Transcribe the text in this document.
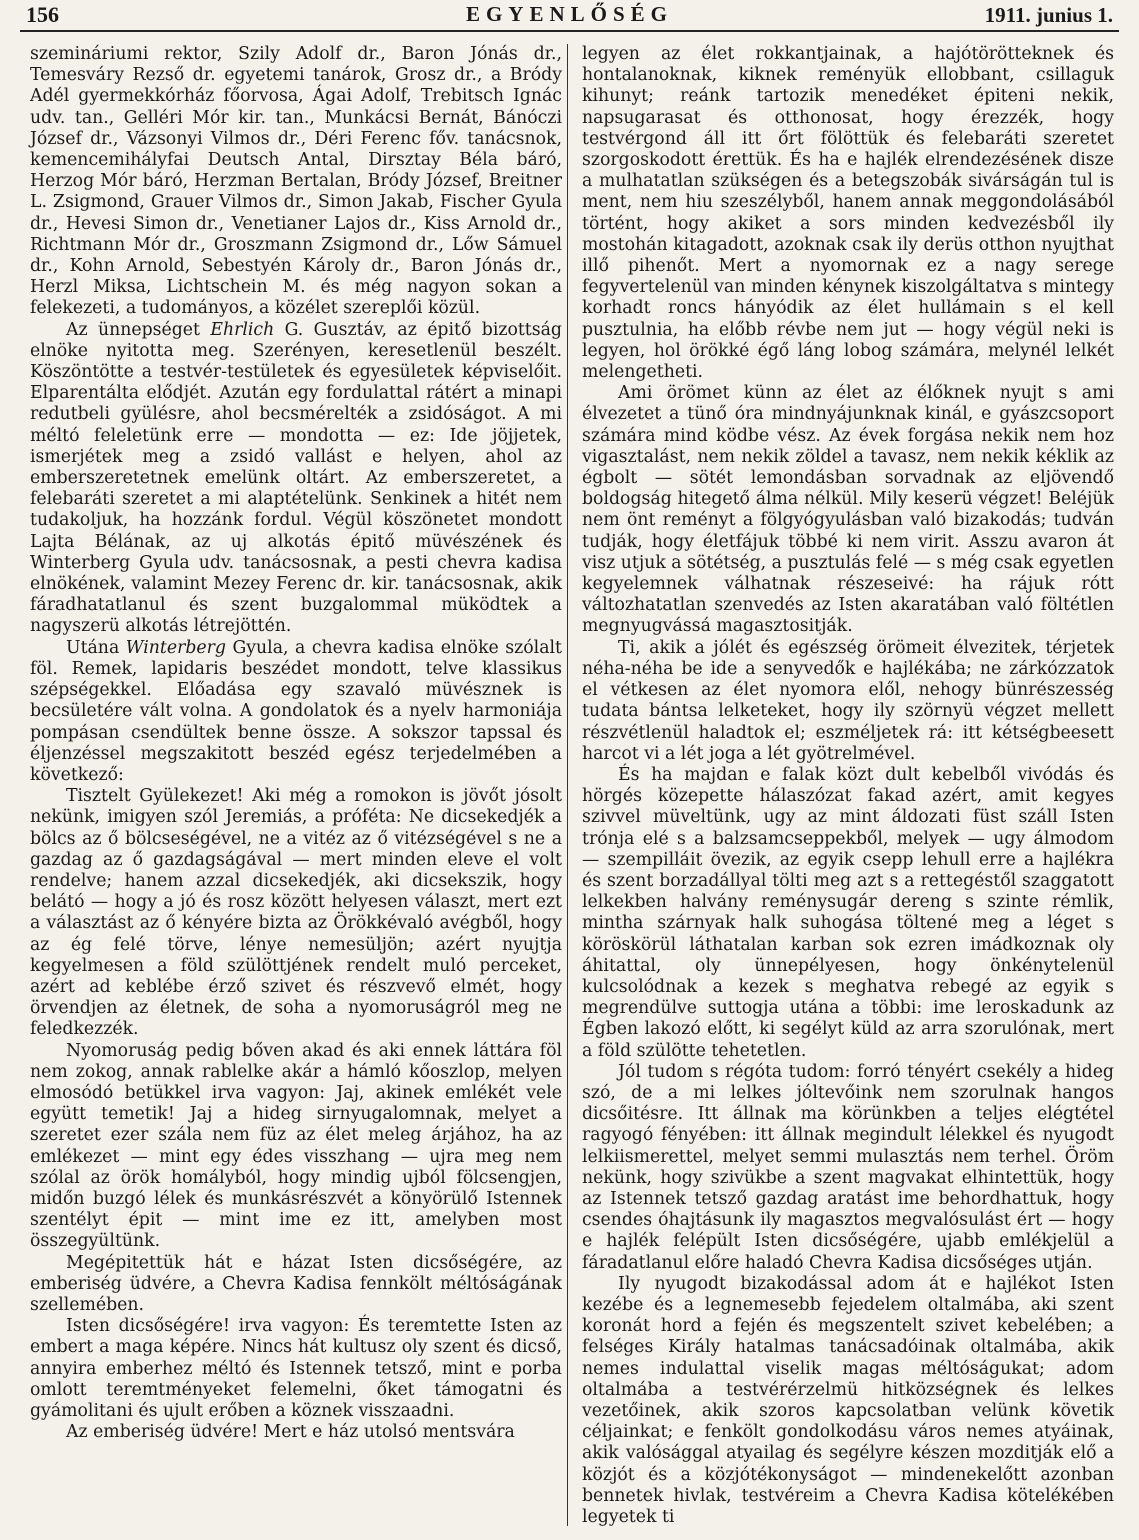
156	EGYENLŐSÉG	1911. junius 1.

szemináriumi rektor, Szily Adolf dr., Baron Jónás dr., Temesváry Rezső dr. egyetemi tanárok, Grosz dr., a Bródy Adél gyermekkórház főorvosa, Ágai Adolf, Trebitsch Ignác udv. tan., Gelléri Mór kir. tan., Munkácsi Bernát, Bánóczi József dr., Vázsonyi Vilmos dr., Déri Ferenc főv. tanácsnok, kemencemihályfai Deutsch Antal, Dirsztay Béla báró, Herzog Mór báró, Herzman Bertalan, Bródy József, Breitner L. Zsigmond, Grauer Vilmos dr., Simon Jakab, Fischer Gyula dr., Hevesi Simon dr., Venetianer Lajos dr., Kiss Arnold dr., Richtmann Mór dr., Groszmann Zsigmond dr., Lőw Sámuel dr., Kohn Arnold, Sebestyén Károly dr., Baron Jónás dr., Herzl Miksa, Lichtschein M. és még nagyon sokan a felekezeti, a tudományos, a közélet szereplői közül.

Az ünnepséget Ehrlich G. Gusztáv, az épitő bizottság elnöke nyitotta meg. Szerényen, keresetlenül beszélt. Köszöntötte a testvér-testületek és egyesületek képviselőit. Elparentálta elődjét. Azután egy fordulattal rátért a minapi redutbeli gyülésre, ahol becsmérelték a zsidóságot. A mi méltó feleletünk erre — mondotta — ez: Ide jöjjetek, ismerjétek meg a zsidó vallást e helyen, ahol az emberszeretetnek emelünk oltárt. Az emberszeretet, a felebaráti szeretet a mi alaptételünk. Senkinek a hitét nem tudakoljuk, ha hozzánk fordul. Végül köszönetet mondott Lajta Bélának, az uj alkotás épitő müvészének és Winterberg Gyula udv. tanácsosnak, a pesti chevra kadisa elnökének, valamint Mezey Ferenc dr. kir. tanácsosnak, akik fáradhatatlanul és szent buzgalommal müködtek a nagyszerü alkotás létrejöttén.

Utána Winterberg Gyula, a chevra kadisa elnöke szólalt föl. Remek, lapidaris beszédet mondott, telve klassikus szépségekkel. Előadása egy szavaló müvésznek is becsületére vált volna. A gondolatok és a nyelv harmoniája pompásan csendültek benne össze. A sokszor tapssal és éljenzéssel megszakitott beszéd egész terjedelmében a következő:

Tisztelt Gyülekezet! Aki még a romokon is jövőt jósolt nekünk, imigyen szól Jeremiás, a próféta: Ne dicsekedjék a bölcs az ő bölcseségével, ne a vitéz az ő vitézségével s ne a gazdag az ő gazdagságával — mert minden eleve el volt rendelve; hanem azzal dicsekedjék, aki dicsekszik, hogy belátó — hogy a jó és rosz között helyesen választ, mert ezt a választást az ő kényére bizta az Örökkévaló avégből, hogy az ég felé törve, lénye nemesüljön; azért nyujtja kegyelmesen a föld szülöttjének rendelt muló perceket, azért ad keblébe érző szivet és részvevő elmét, hogy örvendjen az életnek, de soha a nyomoruságról meg ne feledkezzék.

Nyomoruság pedig bőven akad és aki ennek láttára föl nem zokog, annak rablelke akár a hámló kőoszlop, melyen elmosódó betükkel irva vagyon: Jaj, akinek emlékét vele együtt temetik! Jaj a hideg sirnyugalomnak, melyet a szeretet ezer szála nem füz az élet meleg árjához, ha az emlékezet — mint egy édes visszhang — ujra meg nem szólal az örök homályból, hogy mindig ujból fölcsengjen, midőn buzgó lélek és munkásrészvét a könyörülő Istennek szentélyt épit — mint ime ez itt, amelyben most összegyültünk.

Megépitettük hát e házat Isten dicsőségére, az emberiség üdvére, a Chevra Kadisa fennkölt méltóságának szellemében.

Isten dicsőségére! irva vagyon: És teremtette Isten az embert a maga képére. Nincs hát kultusz oly szent és dicső, annyira emberhez méltó és Istennek tetsző, mint e porba omlott teremtményeket felemelni, őket támogatni és gyámolitani és ujult erőben a köznek visszaadni.

Az emberiség üdvére! Mert e ház utolsó mentsvára

legyen az élet rokkantjainak, a hajótörötteknek és hontalanoknak, kiknek reményük ellobbant, csillaguk kihunyt; reánk tartozik menedéket épiteni nekik, napsugarasat és otthonosat, hogy érezzék, hogy testvérgond áll itt őrt fölöttük és felebaráti szeretet szorgoskodott érettük. És ha e hajlék elrendezésének disze a mulhatatlan szükségen és a betegszobák sivárságán tul is ment, nem hiu szeszélyből, hanem annak meggondolásából történt, hogy akiket a sors minden kedvezésből ily mostohán kitagadott, azoknak csak ily derüs otthon nyujthat illő pihenőt. Mert a nyomornak ez a nagy serege fegyvertelenül van minden kénynek kiszolgáltatva s mintegy korhadt roncs hányódik az élet hullámain s el kell pusztulnia, ha előbb révbe nem jut — hogy végül neki is legyen, hol örökké égő láng lobog számára, melynél lelkét melengetheti.

Ami örömet künn az élet az élőknek nyujt s ami élvezetet a tünő óra mindnyájunknak kinál, e gyászcsoport számára mind ködbe vész. Az évek forgása nekik nem hoz vigasztalást, nem nekik zöldel a tavasz, nem nekik kéklik az égbolt — sötét lemondásban sorvadnak az eljövendő boldogság hitegető álma nélkül. Mily keserü végzet! Beléjük nem önt reményt a fölgyógyulásban való bizakodás; tudván tudják, hogy életfájuk többé ki nem virit. Asszu avaron át visz utjuk a sötétség, a pusztulás felé — s még csak egyetlen kegyelemnek válhatnak részeseivé: ha rájuk rótt változhatatlan szenvedés az Isten akaratában való föltétlen megnyugvássá magasztositják.

Ti, akik a jólét és egészség örömeit élvezitek, térjetek néha-néha be ide a senyvedők e hajlékába; ne zárkózzatok el vétkesen az élet nyomora elől, nehogy bünrészesség tudata bántsa lelketeket, hogy ily szörnyü végzet mellett részvétlenül haladtok el; eszméljetek rá: itt kétségbeesett harcot vi a lét joga a lét gyötrelmével.

És ha majdan e falak közt dult kebelből vivódás és hörgés közepette hálaszózat fakad azért, amit kegyes szivvel müveltünk, ugy az mint áldozati füst száll Isten trónja elé s a balzsamcseppekből, melyek — ugy álmodom — szempilláit övezik, az egyik csepp lehull erre a hajlékra és szent borzadállyal tölti meg azt s a rettegéstől szaggatott lelkekben halvány reménysugár dereng s szinte rémlik, mintha szárnyak halk suhogása töltené meg a léget s köröskörül láthatalan karban sok ezren imádkoznak oly áhitattal, oly ünnepélyesen, hogy önkénytelenül kulcsolódnak a kezek s meghatva rebegé az egyik s megrendülve suttogja utána a többi: ime leroskadunk az Égben lakozó előtt, ki segélyt küld az arra szorulónak, mert a föld szülötte tehetetlen.

Jól tudom s régóta tudom: forró tényért csekély a hideg szó, de a mi lelkes jóltevőink nem szorulnak hangos dicsőitésre. Itt állnak ma körünkben a teljes elégtétel ragyogó fényében: itt állnak megindult lélekkel és nyugodt lelkiismerettel, melyet semmi mulasztás nem terhel. Öröm nekünk, hogy szivükbe a szent magvakat elhintettük, hogy az Istennek tetsző gazdag aratást ime behordhattuk, hogy csendes óhajtásunk ily magasztos megvalósulást ért — hogy e hajlék felépült Isten dicsőségére, ujabb emlékjelül a fáradatlanul előre haladó Chevra Kadisa dicsőséges utján.

Ily nyugodt bizakodással adom át e hajlékot Isten kezébe és a legnemesebb fejedelem oltalmába, aki szent koronát hord a fején és megszentelt szivet kebelében; a felséges Király hatalmas tanácsadóinak oltalmába, akik nemes indulattal viselik magas méltóságukat; adom oltalmába a testvérérzelmü hitközségnek és lelkes vezetőinek, akik szoros kapcsolatban velünk követik céljainkat; e fenkölt gondolkodásu város nemes atyáinak, akik valósággal atyailag és segélyre készen mozditják elő a közjót és a közjótékonyságot — mindenekelőtt azonban bennetek hivlak, testvéreim a Chevra Kadisa kötelékében legyetek ti
